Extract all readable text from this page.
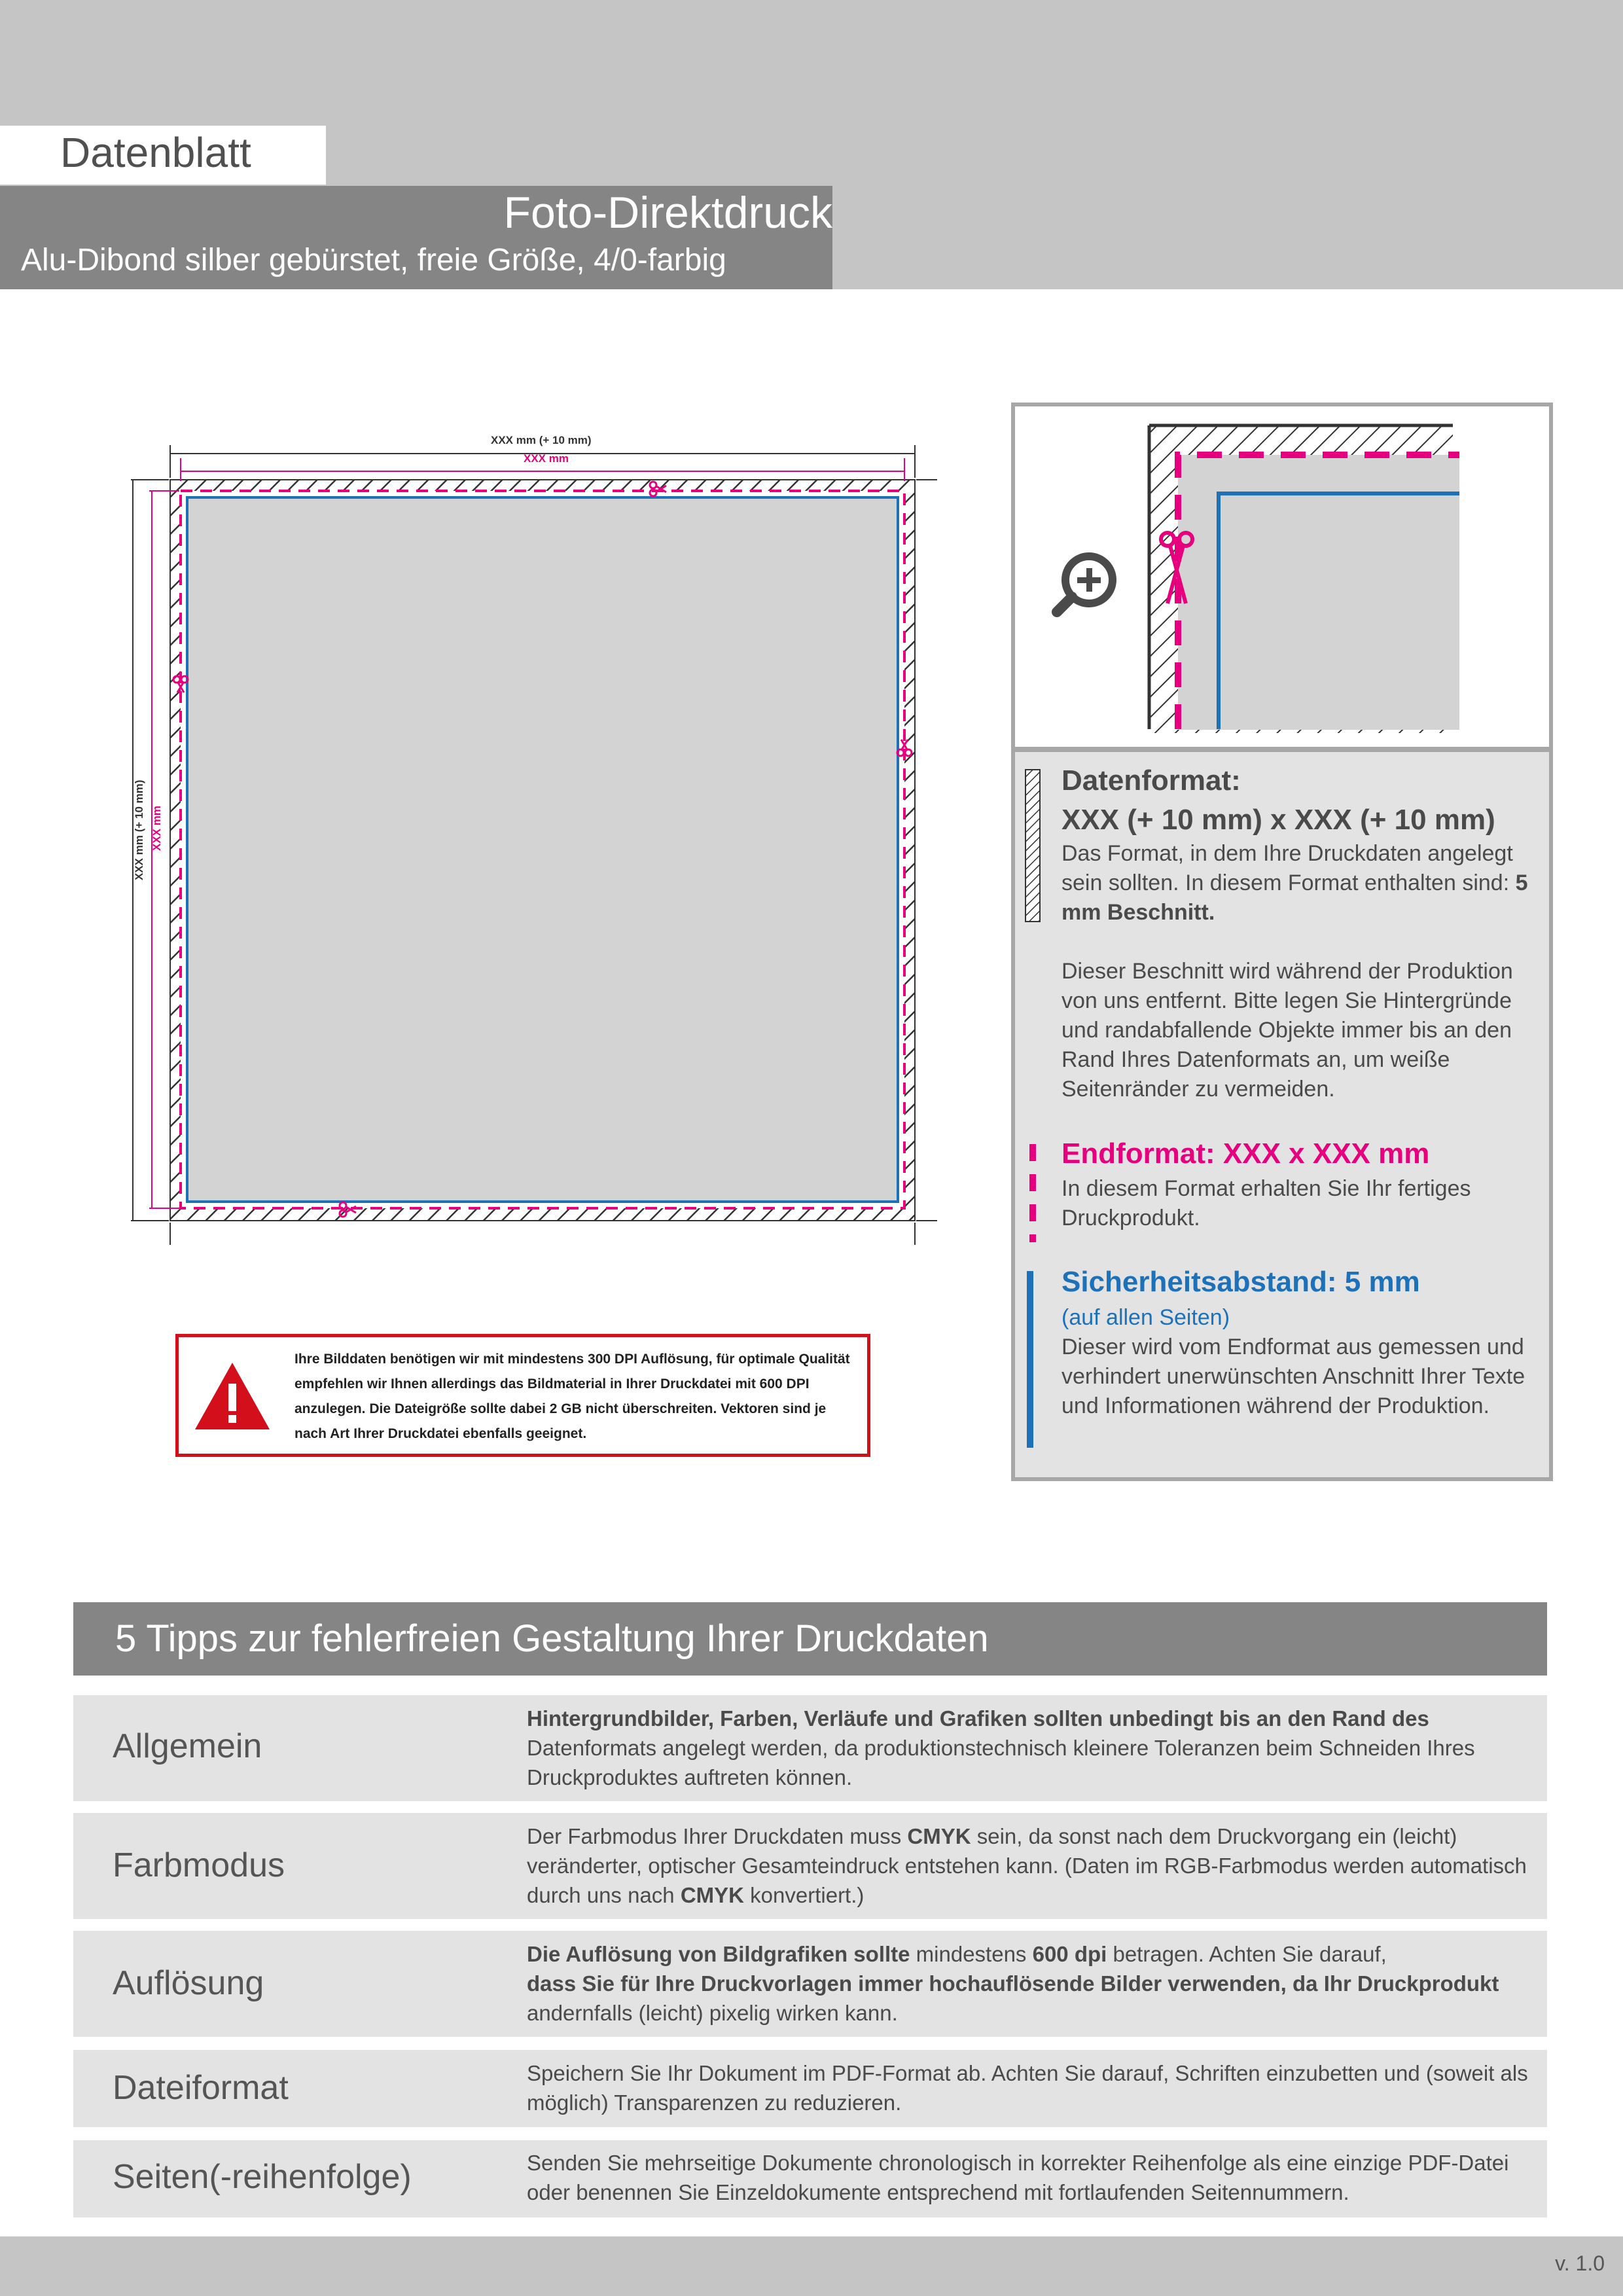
Datenblatt
Foto-Direktdruck
Alu-Dibond silber gebürstet, freie Größe, 4/0-farbig
XXX mm (+ 10 mm)
XXX mm
XXX mm (+ 10 mm) XXX mm
Ihre Bilddaten benötigen wir mit mindestens 300 DPI Auflösung, für optimale Qualität empfehlen wir Ihnen allerdings das Bildmaterial in Ihrer Druckdatei mit 600 DPI anzulegen. Die Dateigröße sollte dabei 2 GB nicht überschreiten. Vektoren sind je nach Art Ihrer Druckdatei ebenfalls geeignet.
Datenformat:
XXX (+ 10 mm) x XXX (+ 10 mm)
Das Format, in dem Ihre Druckdaten angelegt sein sollten. In diesem Format enthalten sind: 5 mm Beschnitt.
Dieser Beschnitt wird während der Produktion von uns entfernt. Bitte legen Sie Hintergründe und randabfallende Objekte immer bis an den Rand Ihres Datenformats an, um weiße Seitenränder zu vermeiden.
Endformat: XXX x XXX mm
In diesem Format erhalten Sie Ihr fertiges Druckprodukt.
Sicherheitsabstand: 5 mm
(auf allen Seiten)
Dieser wird vom Endformat aus gemessen und verhindert unerwünschten Anschnitt Ihrer Texte und Informationen während der Produktion.
5 Tipps zur fehlerfreien Gestaltung Ihrer Druckdaten
Allgemein
Hintergrundbilder, Farben, Verläufe und Grafiken sollten unbedingt bis an den Rand des
Datenformats angelegt werden, da produktionstechnisch kleinere Toleranzen beim Schneiden Ihres Druckproduktes auftreten können.
Farbmodus
Der Farbmodus Ihrer Druckdaten muss CMYK sein, da sonst nach dem Druckvorgang ein (leicht) veränderter, optischer Gesamteindruck entstehen kann. (Daten im RGB-Farbmodus werden automatisch durch uns nach CMYK konvertiert.)
Auflösung
Die Auflösung von Bildgrafiken sollte mindestens 600 dpi betragen. Achten Sie darauf,
dass Sie für Ihre Druckvorlagen immer hochauflösende Bilder verwenden, da Ihr Druckprodukt
andernfalls (leicht) pixelig wirken kann.
Dateiformat	Speichern Sie Ihr Dokument im PDF-Format ab. Achten Sie darauf, Schriften einzubetten und (soweit als möglich) Transparenzen zu reduzieren.
Seiten(-reihenfolge)	Senden Sie mehrseitige Dokumente chronologisch in korrekter Reihenfolge als eine einzige PDF-Datei oder benennen Sie Einzeldokumente entsprechend mit fortlaufenden Seitennummern.
v. 1.0
